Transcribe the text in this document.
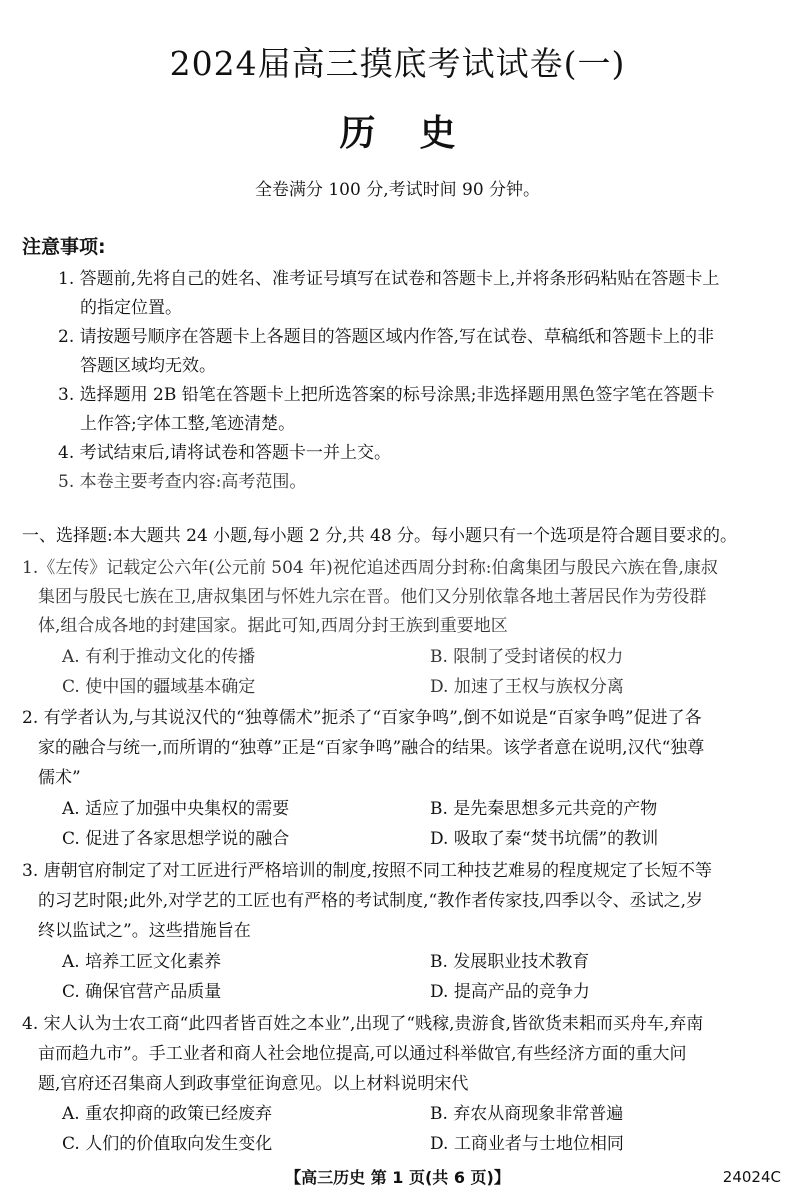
2024届高三摸底考试试卷(一)
历史
全卷满分 100 分,考试时间 90 分钟。
注意事项:
1. 答题前,先将自己的姓名、准考证号填写在试卷和答题卡上,并将条形码粘贴在答题卡上
的指定位置。
2. 请按题号顺序在答题卡上各题目的答题区域内作答,写在试卷、草稿纸和答题卡上的非
答题区域均无效。
3. 选择题用 2B 铅笔在答题卡上把所选答案的标号涂黑;非选择题用黑色签字笔在答题卡
上作答;字体工整,笔迹清楚。
4. 考试结束后,请将试卷和答题卡一并上交。
5. 本卷主要考查内容:高考范围。
一、选择题:本大题共 24 小题,每小题 2 分,共 48 分。每小题只有一个选项是符合题目要求的。
1.《左传》记载定公六年(公元前 504 年)祝佗追述西周分封称:伯禽集团与殷民六族在鲁,康叔
集团与殷民七族在卫,唐叔集团与怀姓九宗在晋。他们又分别依靠各地土著居民作为劳役群
体,组合成各地的封建国家。据此可知,西周分封王族到重要地区
A. 有利于推动文化的传播	B. 限制了受封诸侯的权力
C. 使中国的疆域基本确定	D. 加速了王权与族权分离
2. 有学者认为,与其说汉代的“独尊儒术”扼杀了“百家争鸣”,倒不如说是“百家争鸣”促进了各
家的融合与统一,而所谓的“独尊”正是“百家争鸣”融合的结果。该学者意在说明,汉代“独尊
儒术”
A. 适应了加强中央集权的需要	B. 是先秦思想多元共竞的产物
C. 促进了各家思想学说的融合	D. 吸取了秦“焚书坑儒”的教训
3. 唐朝官府制定了对工匠进行严格培训的制度,按照不同工种技艺难易的程度规定了长短不等
的习艺时限;此外,对学艺的工匠也有严格的考试制度,“教作者传家技,四季以令、丞试之,岁
终以监试之”。这些措施旨在
A. 培养工匠文化素养	B. 发展职业技术教育
C. 确保官营产品质量	D. 提高产品的竞争力
4. 宋人认为士农工商“此四者皆百姓之本业”,出现了“贱稼,贵游食,皆欲货耒耜而买舟车,弃南
亩而趋九市”。手工业者和商人社会地位提高,可以通过科举做官,有些经济方面的重大问
题,官府还召集商人到政事堂征询意见。以上材料说明宋代
A. 重农抑商的政策已经废弃	B. 弃农从商现象非常普遍
C. 人们的价值取向发生变化	D. 工商业者与士地位相同
【高三历史 第 1 页(共 6 页)】	24024C
